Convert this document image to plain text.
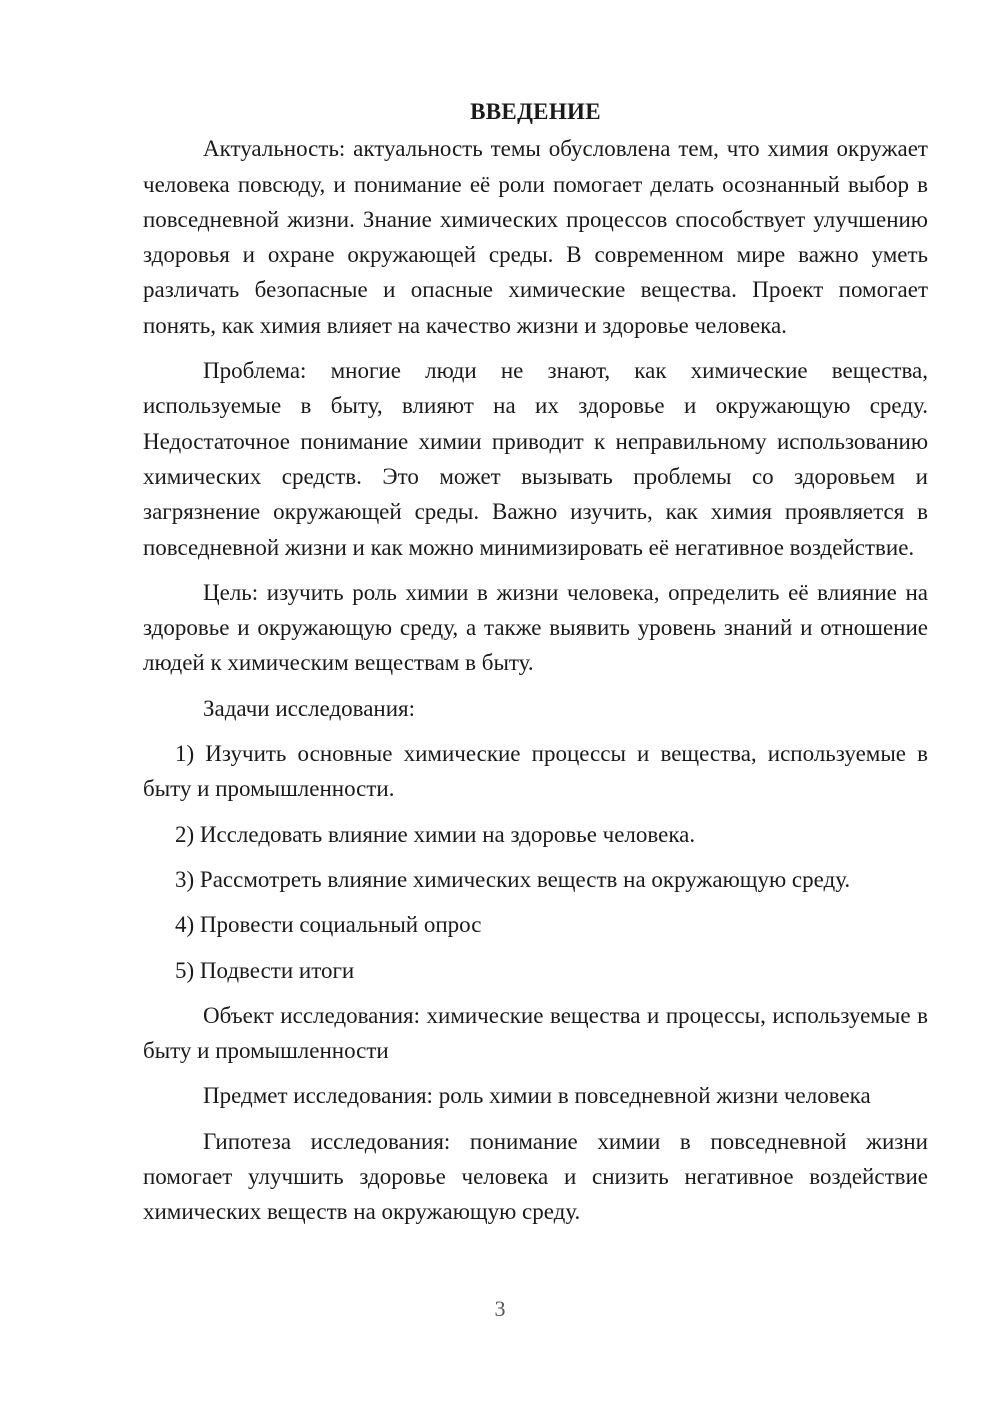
ВВЕДЕНИЕ

Актуальность: актуальность темы обусловлена тем, что химия окружает человека повсюду, и понимание её роли помогает делать осознанный выбор в повседневной жизни. Знание химических процессов способствует улучшению здоровья и охране окружающей среды. В современном мире важно уметь различать безопасные и опасные химические вещества. Проект помогает понять, как химия влияет на качество жизни и здоровье человека.

Проблема: многие люди не знают, как химические вещества, используемые в быту, влияют на их здоровье и окружающую среду. Недостаточное понимание химии приводит к неправильному использованию химических средств. Это может вызывать проблемы со здоровьем и загрязнение окружающей среды. Важно изучить, как химия проявляется в повседневной жизни и как можно минимизировать её негативное воздействие.

Цель: изучить роль химии в жизни человека, определить её влияние на здоровье и окружающую среду, а также выявить уровень знаний и отношение людей к химическим веществам в быту.

Задачи исследования:

1) Изучить основные химические процессы и вещества, используемые в быту и промышленности.

2) Исследовать влияние химии на здоровье человека.

3) Рассмотреть влияние химических веществ на окружающую среду.

4) Провести социальный опрос

5) Подвести итоги

Объект исследования: химические вещества и процессы, используемые в быту и промышленности

Предмет исследования: роль химии в повседневной жизни человека

Гипотеза исследования: понимание химии в повседневной жизни помогает улучшить здоровье человека и снизить негативное воздействие химических веществ на окружающую среду.

3
